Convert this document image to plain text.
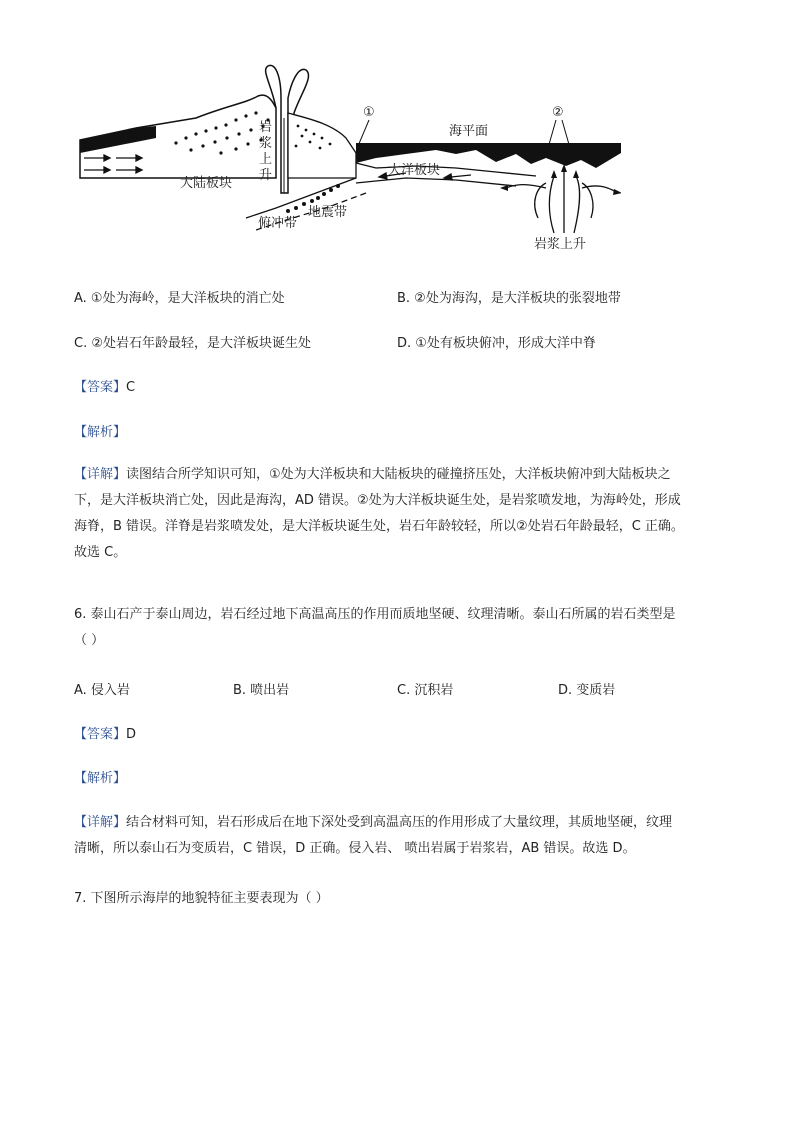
①	②
海平面
岩浆上升
大陆板块
大洋板块
俯冲带
地震带
岩浆上升
A. ①处为海岭，是大洋板块的消亡处	B. ②处为海沟，是大洋板块的张裂地带
C. ②处岩石年龄最轻，是大洋板块诞生处	D. ①处有板块俯冲，形成大洋中脊
【答案】C
【解析】
【详解】读图结合所学知识可知，①处为大洋板块和大陆板块的碰撞挤压处，大洋板块俯冲到大陆板块之
下，是大洋板块消亡处，因此是海沟，AD 错误。②处为大洋板块诞生处，是岩浆喷发地，为海岭处，形成
海脊，B 错误。洋脊是岩浆喷发处，是大洋板块诞生处，岩石年龄较轻，所以②处岩石年龄最轻，C 正确。
故选 C。
6. 泰山石产于泰山周边，岩石经过地下高温高压的作用而质地坚硬、纹理清晰。泰山石所属的岩石类型是
（ ）
A. 侵入岩	B. 喷出岩	C. 沉积岩	D. 变质岩
【答案】D
【解析】
【详解】结合材料可知，岩石形成后在地下深处受到高温高压的作用形成了大量纹理，其质地坚硬，纹理
清晰，所以泰山石为变质岩，C 错误，D 正确。侵入岩、 喷出岩属于岩浆岩，AB 错误。故选 D。
7. 下图所示海岸的地貌特征主要表现为（ ）
